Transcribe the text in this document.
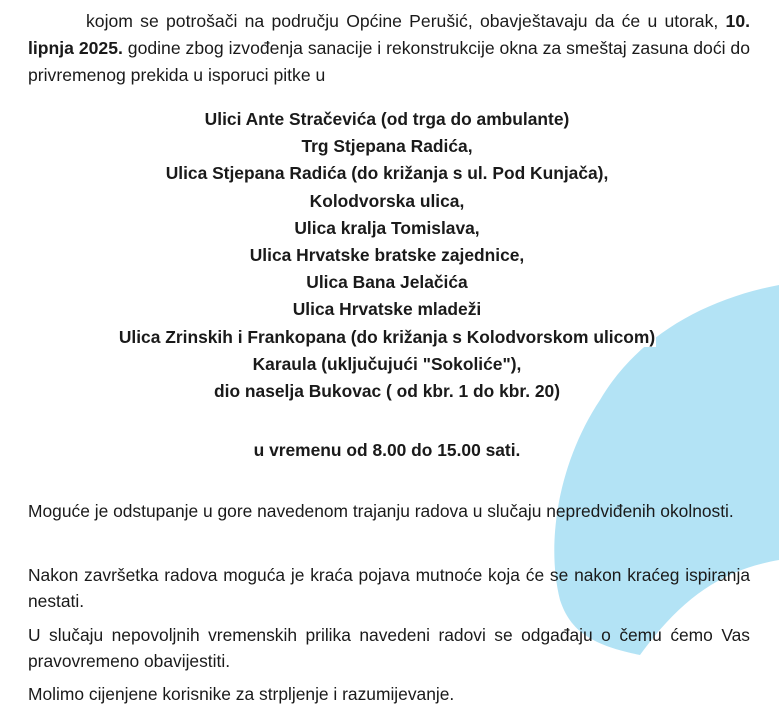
kojom se potrošači na području Općine Perušić, obavještavaju da će u utorak, 10. lipnja 2025. godine zbog izvođenja sanacije i rekonstrukcije okna za smeštaj zasuna doći do privremenog prekida u isporuci pitke u

Ulici Ante Stračevića (od trga do ambulante)
Trg Stjepana Radića,
Ulica Stjepana Radića (do križanja s ul. Pod Kunjača),
Kolodvorska ulica,
Ulica kralja Tomislava,
Ulica Hrvatske bratske zajednice,
Ulica Bana Jelačića
Ulica Hrvatske mladeži
Ulica Zrinskih i Frankopana (do križanja s Kolodvorskom ulicom)
Karaula (uključujući "Sokoliće"),
dio naselja Bukovac ( od kbr. 1 do kbr. 20)

u vremenu od 8.00 do 15.00 sati.

Moguće je odstupanje u gore navedenom trajanju radova u slučaju nepredviđenih okolnosti.

Nakon završetka radova moguća je kraća pojava mutnoće koja će se nakon kraćeg ispiranja nestati.

U slučaju nepovoljnih vremenskih prilika navedeni radovi se odgađaju o čemu ćemo Vas pravovremeno obavijestiti.

Molimo cijenjene korisnike za strpljenje i razumijevanje.
